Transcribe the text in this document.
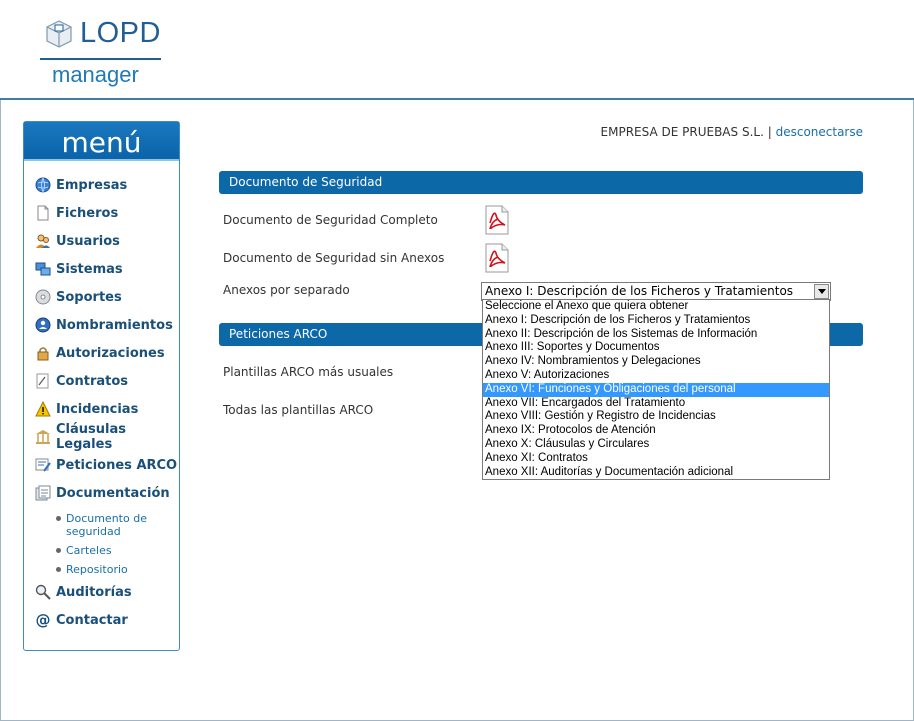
LOPD
manager
menú
Empresas
Ficheros
Usuarios
Sistemas
Soportes
Nombramientos
Autorizaciones
Contratos
Incidencias
Cláusulas Legales
Peticiones ARCO
Documentación
Documento de seguridad
Carteles
Repositorio
Auditorías
@ Contactar
EMPRESA DE PRUEBAS S.L. | desconectarse
Documento de Seguridad
Documento de Seguridad Completo
Documento de Seguridad sin Anexos
Anexos por separado
Peticiones ARCO
Plantillas ARCO más usuales
Todas las plantillas ARCO
Anexo I: Descripción de los Ficheros y Tratamientos
Seleccione el Anexo que quiera obtener
Anexo I: Descripción de los Ficheros y Tratamientos
Anexo II: Descripción de los Sistemas de Información
Anexo III: Soportes y Documentos
Anexo IV: Nombramientos y Delegaciones
Anexo V: Autorizaciones
Anexo VI: Funciones y Obligaciones del personal
Anexo VII: Encargados del Tratamiento
Anexo VIII: Gestión y Registro de Incidencias
Anexo IX: Protocolos de Atención
Anexo X: Cláusulas y Circulares
Anexo XI: Contratos
Anexo XII: Auditorías y Documentación adicional
